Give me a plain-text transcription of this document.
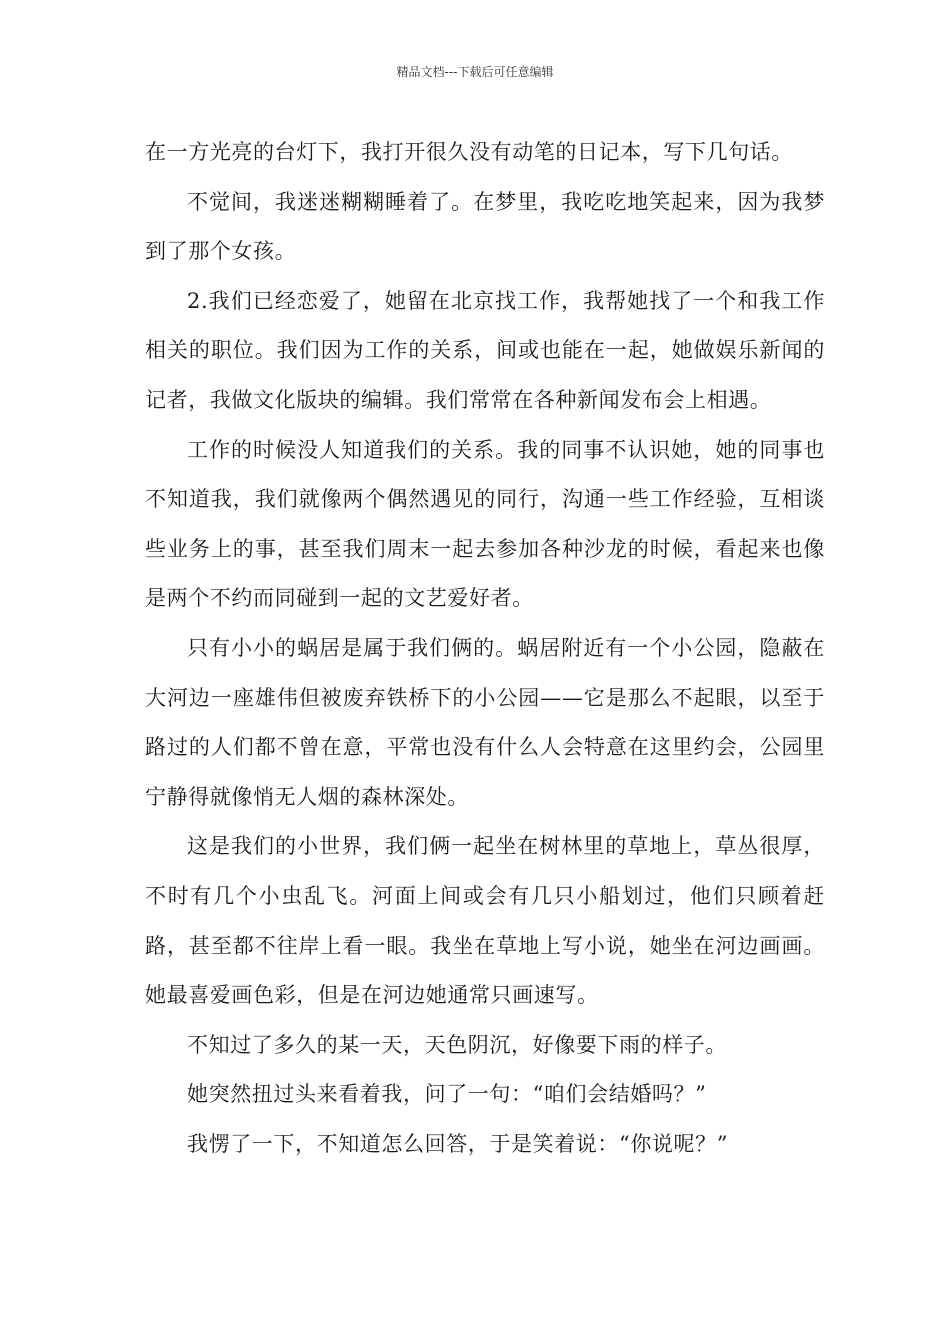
精品文档---下载后可任意编辑

在一方光亮的台灯下，我打开很久没有动笔的日记本，写下几句话。

不觉间，我迷迷糊糊睡着了。在梦里，我吃吃地笑起来，因为我梦到了那个女孩。

2.我们已经恋爱了，她留在北京找工作，我帮她找了一个和我工作相关的职位。我们因为工作的关系，间或也能在一起，她做娱乐新闻的记者，我做文化版块的编辑。我们常常在各种新闻发布会上相遇。

工作的时候没人知道我们的关系。我的同事不认识她，她的同事也不知道我，我们就像两个偶然遇见的同行，沟通一些工作经验，互相谈些业务上的事，甚至我们周末一起去参加各种沙龙的时候，看起来也像是两个不约而同碰到一起的文艺爱好者。

只有小小的蜗居是属于我们俩的。蜗居附近有一个小公园，隐蔽在大河边一座雄伟但被废弃铁桥下的小公园——它是那么不起眼，以至于路过的人们都不曾在意，平常也没有什么人会特意在这里约会，公园里宁静得就像悄无人烟的森林深处。

这是我们的小世界，我们俩一起坐在树林里的草地上，草丛很厚，不时有几个小虫乱飞。河面上间或会有几只小船划过，他们只顾着赶路，甚至都不往岸上看一眼。我坐在草地上写小说，她坐在河边画画。她最喜爱画色彩，但是在河边她通常只画速写。

不知过了多久的某一天，天色阴沉，好像要下雨的样子。

她突然扭过头来看着我，问了一句：“咱们会结婚吗？”

我愣了一下，不知道怎么回答，于是笑着说：“你说呢？”
